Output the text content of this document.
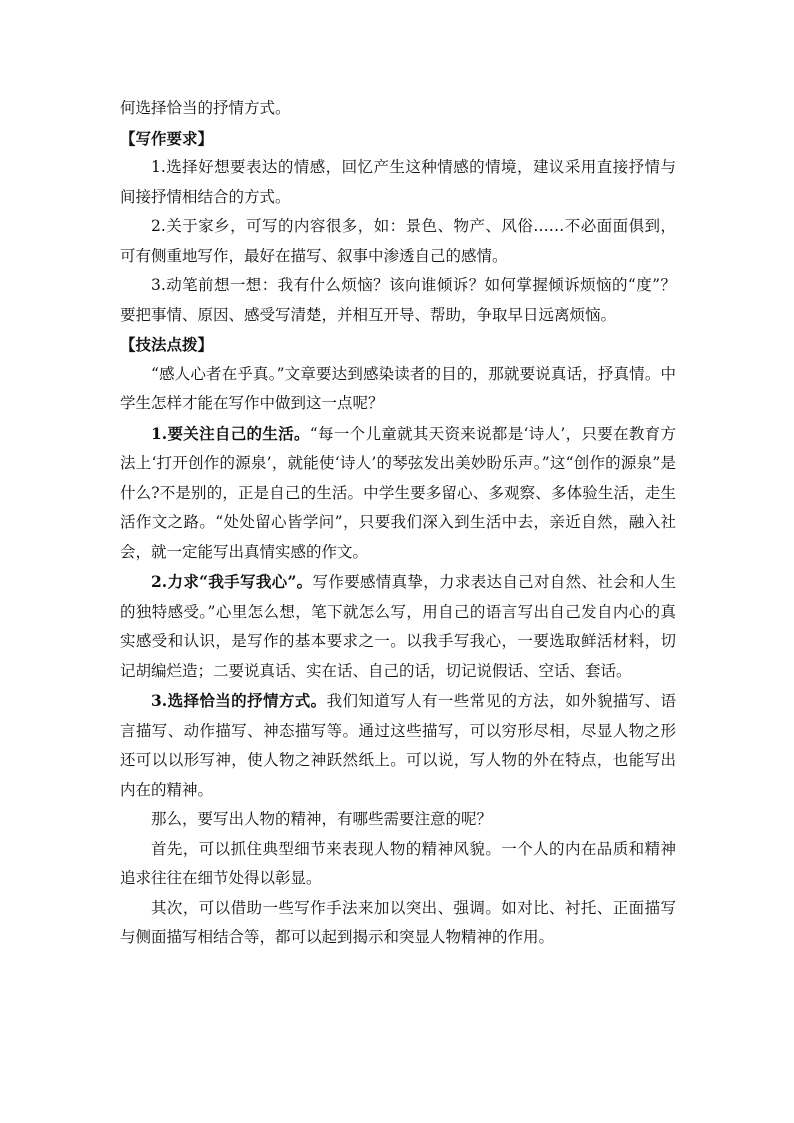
何选择恰当的抒情方式。

【写作要求】

1.选择好想要表达的情感，回忆产生这种情感的情境，建议采用直接抒情与间接抒情相结合的方式。

2.关于家乡，可写的内容很多，如：景色、物产、风俗……不必面面俱到，可有侧重地写作，最好在描写、叙事中渗透自己的感情。

3.动笔前想一想：我有什么烦恼？该向谁倾诉？如何掌握倾诉烦恼的“度”？要把事情、原因、感受写清楚，并相互开导、帮助，争取早日远离烦恼。

【技法点拨】

“感人心者在乎真。”文章要达到感染读者的目的，那就要说真话，抒真情。中学生怎样才能在写作中做到这一点呢？

1.要关注自己的生活。“每一个儿童就其天资来说都是‘诗人’，只要在教育方法上‘打开创作的源泉’，就能使‘诗人’的琴弦发出美妙盼乐声。”这“创作的源泉”是什么?不是别的，正是自己的生活。中学生要多留心、多观察、多体验生活，走生活作文之路。“处处留心皆学问”，只要我们深入到生活中去，亲近自然，融入社会，就一定能写出真情实感的作文。

2.力求“我手写我心”。写作要感情真挚，力求表达自己对自然、社会和人生的独特感受。”心里怎么想，笔下就怎么写，用自己的语言写出自己发自内心的真实感受和认识，是写作的基本要求之一。以我手写我心，一要选取鲜活材料，切记胡编烂造；二要说真话、实在话、自己的话，切记说假话、空话、套话。

3.选择恰当的抒情方式。我们知道写人有一些常见的方法，如外貌描写、语言描写、动作描写、神态描写等。通过这些描写，可以穷形尽相，尽显人物之形还可以以形写神，使人物之神跃然纸上。可以说，写人物的外在特点，也能写出内在的精神。

那么，要写出人物的精神，有哪些需要注意的呢？

首先，可以抓住典型细节来表现人物的精神风貌。一个人的内在品质和精神追求往往在细节处得以彰显。

其次，可以借助一些写作手法来加以突出、强调。如对比、衬托、正面描写与侧面描写相结合等，都可以起到揭示和突显人物精神的作用。
